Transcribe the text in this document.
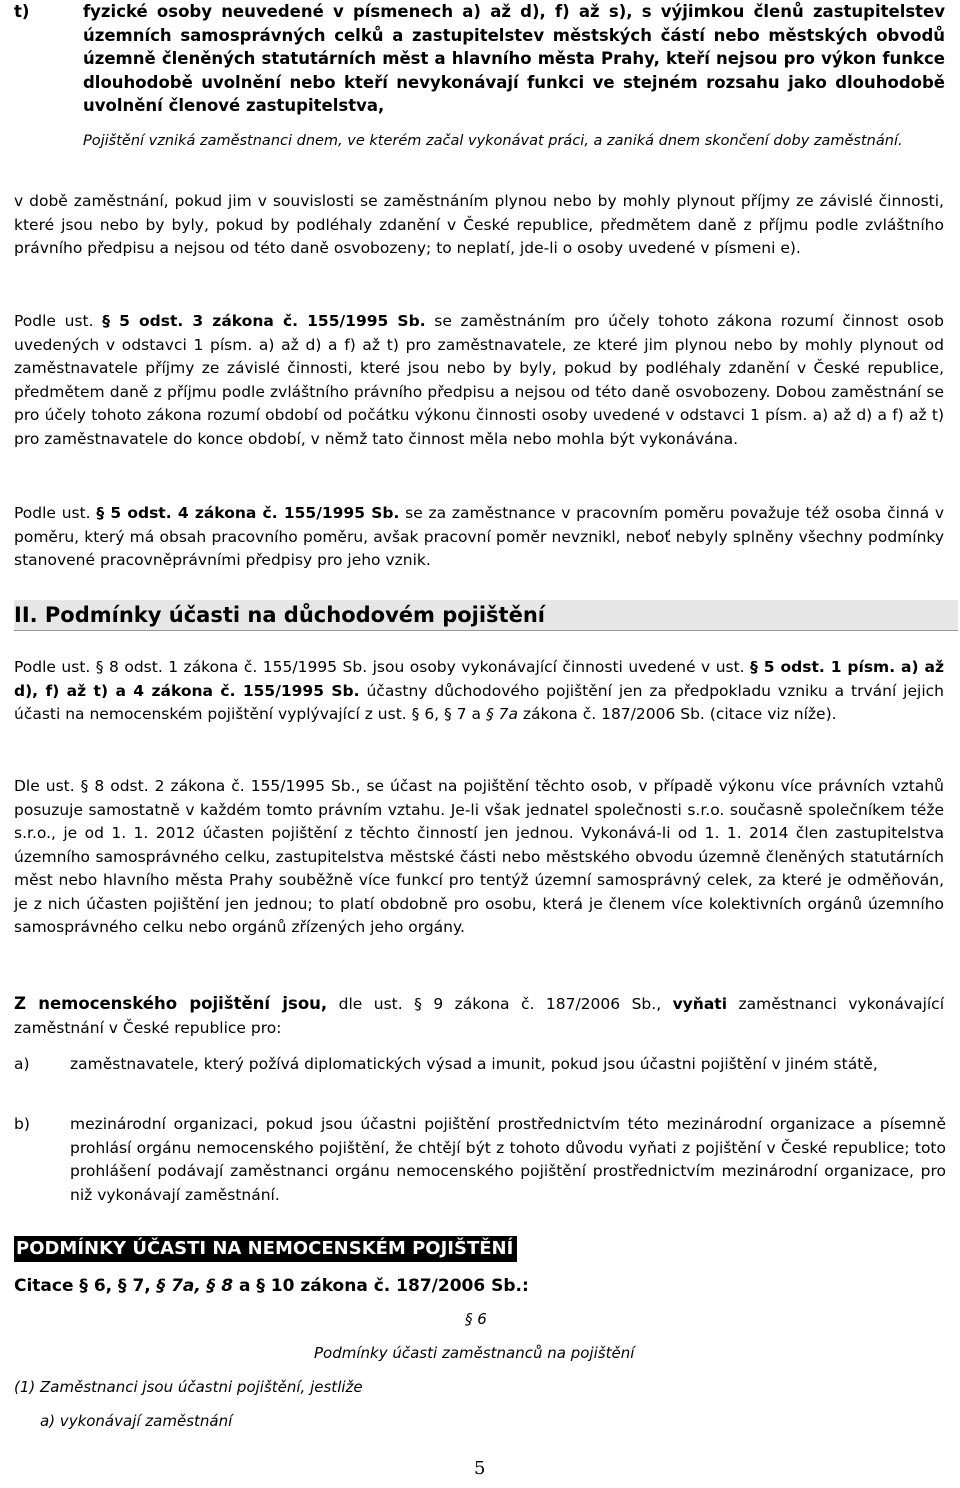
t)	fyzické osoby neuvedené v písmenech a) až d), f) až s), s výjimkou členů zastupitelstev územních samosprávných celků a zastupitelstev městských částí nebo městských obvodů územně členěných statutárních měst a hlavního města Prahy, kteří nejsou pro výkon funkce dlouhodobě uvolnění nebo kteří nevykonávají funkci ve stejném rozsahu jako dlouhodobě uvolnění členové zastupitelstva,
Pojištění vzniká zaměstnanci dnem, ve kterém začal vykonávat práci, a zaniká dnem skončení doby zaměstnání.
v době zaměstnání, pokud jim v souvislosti se zaměstnáním plynou nebo by mohly plynout příjmy ze závislé činnosti, které jsou nebo by byly, pokud by podléhaly zdanění v České republice, předmětem daně z příjmu podle zvláštního právního předpisu a nejsou od této daně osvobozeny; to neplatí, jde-li o osoby uvedené v písmeni e).
Podle ust. § 5 odst. 3 zákona č. 155/1995 Sb. se zaměstnáním pro účely tohoto zákona rozumí činnost osob uvedených v odstavci 1 písm. a) až d) a f) až t) pro zaměstnavatele, ze které jim plynou nebo by mohly plynout od zaměstnavatele příjmy ze závislé činnosti, které jsou nebo by byly, pokud by podléhaly zdanění v České republice, předmětem daně z příjmu podle zvláštního právního předpisu a nejsou od této daně osvobozeny. Dobou zaměstnání se pro účely tohoto zákona rozumí období od počátku výkonu činnosti osoby uvedené v odstavci 1 písm. a) až d) a f) až t) pro zaměstnavatele do konce období, v němž tato činnost měla nebo mohla být vykonávána.
Podle ust. § 5 odst. 4 zákona č. 155/1995 Sb. se za zaměstnance v pracovním poměru považuje též osoba činná v poměru, který má obsah pracovního poměru, avšak pracovní poměr nevznikl, neboť nebyly splněny všechny podmínky stanovené pracovněprávními předpisy pro jeho vznik.
II. Podmínky účasti na důchodovém pojištění
Podle ust. § 8 odst. 1 zákona č. 155/1995 Sb. jsou osoby vykonávající činnosti uvedené v ust. § 5 odst. 1 písm. a) až d), f) až t) a 4 zákona č. 155/1995 Sb. účastny důchodového pojištění jen za předpokladu vzniku a trvání jejich účasti na nemocenském pojištění vyplývající z ust. § 6, § 7 a § 7a zákona č. 187/2006 Sb. (citace viz níže).
Dle ust. § 8 odst. 2 zákona č. 155/1995 Sb., se účast na pojištění těchto osob, v případě výkonu více právních vztahů posuzuje samostatně v každém tomto právním vztahu. Je-li však jednatel společnosti s.r.o. současně společníkem téže s.r.o., je od 1. 1. 2012 účasten pojištění z těchto činností jen jednou. Vykonává-li od 1. 1. 2014 člen zastupitelstva územního samosprávného celku, zastupitelstva městské části nebo městského obvodu územně členěných statutárních měst nebo hlavního města Prahy souběžně více funkcí pro tentýž územní samosprávný celek, za které je odměňován, je z nich účasten pojištění jen jednou; to platí obdobně pro osobu, která je členem více kolektivních orgánů územního samosprávného celku nebo orgánů zřízených jeho orgány.
Z nemocenského pojištění jsou, dle ust. § 9 zákona č. 187/2006 Sb., vyňati zaměstnanci vykonávající zaměstnání v České republice pro:
a)	zaměstnavatele, který požívá diplomatických výsad a imunit, pokud jsou účastni pojištění v jiném státě,
b)	mezinárodní organizaci, pokud jsou účastni pojištění prostřednictvím této mezinárodní organizace a písemně prohlásí orgánu nemocenského pojištění, že chtějí být z tohoto důvodu vyňati z pojištění v České republice; toto prohlášení podávají zaměstnanci orgánu nemocenského pojištění prostřednictvím mezinárodní organizace, pro niž vykonávají zaměstnání.
PODMÍNKY ÚČASTI NA NEMOCENSKÉM POJIŠTĚNÍ
Citace § 6, § 7, § 7a, § 8 a § 10 zákona č. 187/2006 Sb.:
§ 6
Podmínky účasti zaměstnanců na pojištění
(1) Zaměstnanci jsou účastni pojištění, jestliže
a) vykonávají zaměstnání
5
